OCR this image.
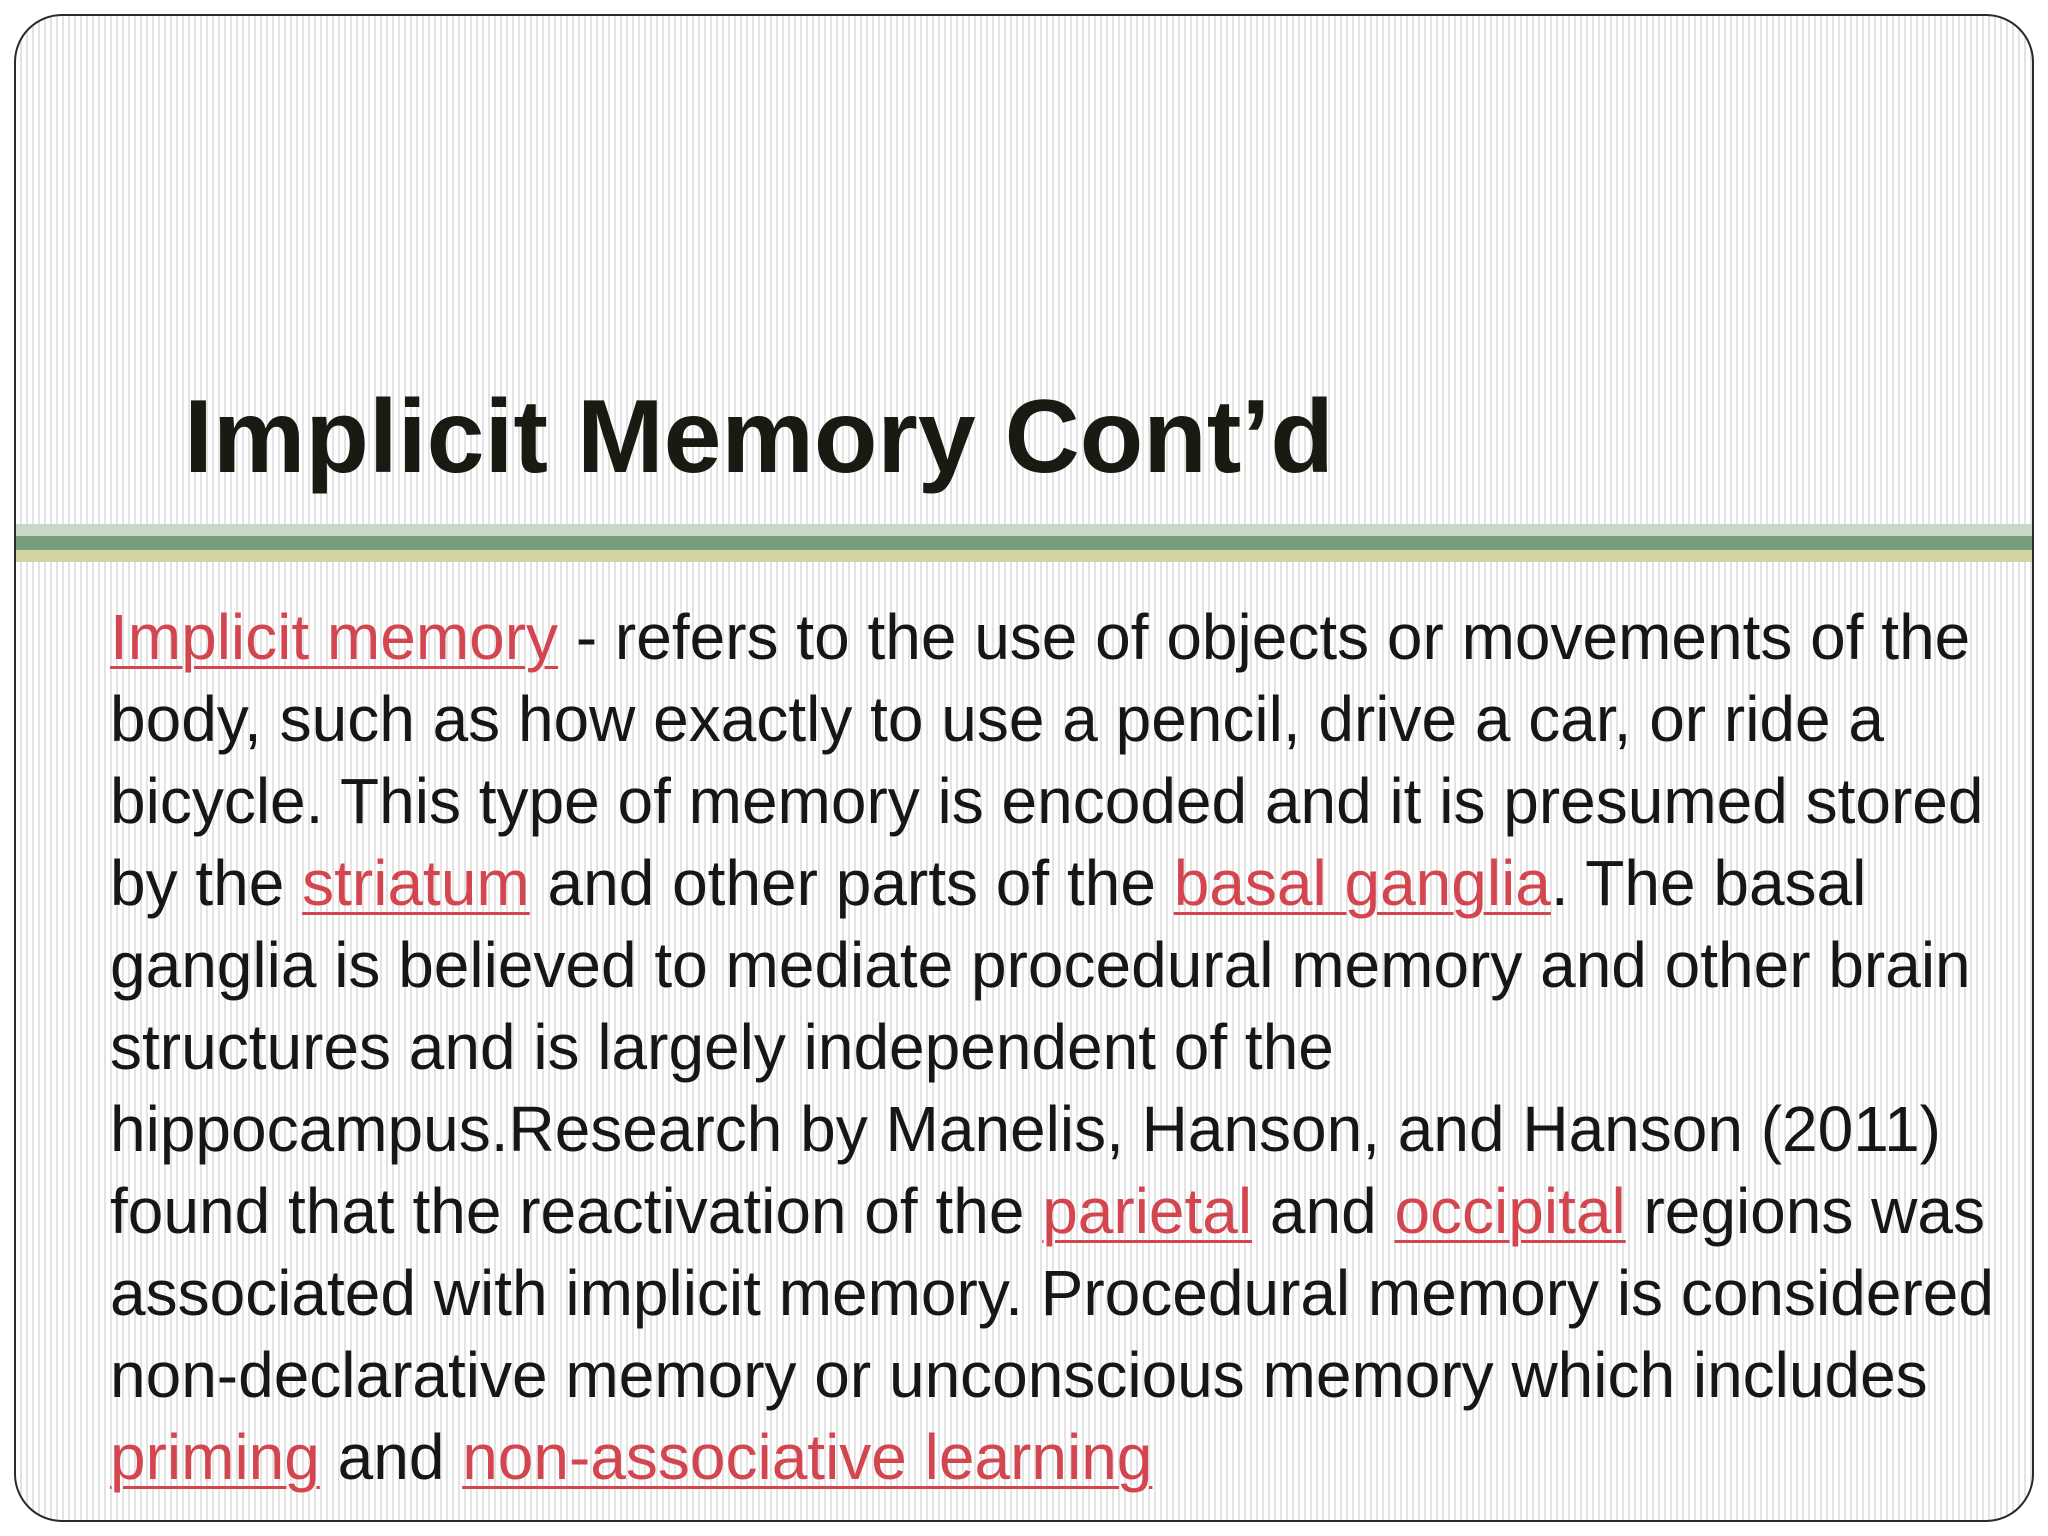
Implicit Memory Cont’d

Implicit memory - refers to the use of objects or movements of the body, such as how exactly to use a pencil, drive a car, or ride a bicycle. This type of memory is encoded and it is presumed stored by the striatum and other parts of the basal ganglia. The basal ganglia is believed to mediate procedural memory and other brain structures and is largely independent of the hippocampus.Research by Manelis, Hanson, and Hanson (2011) found that the reactivation of the parietal and occipital regions was associated with implicit memory. Procedural memory is considered non-declarative memory or unconscious memory which includes priming and non-associative learning
